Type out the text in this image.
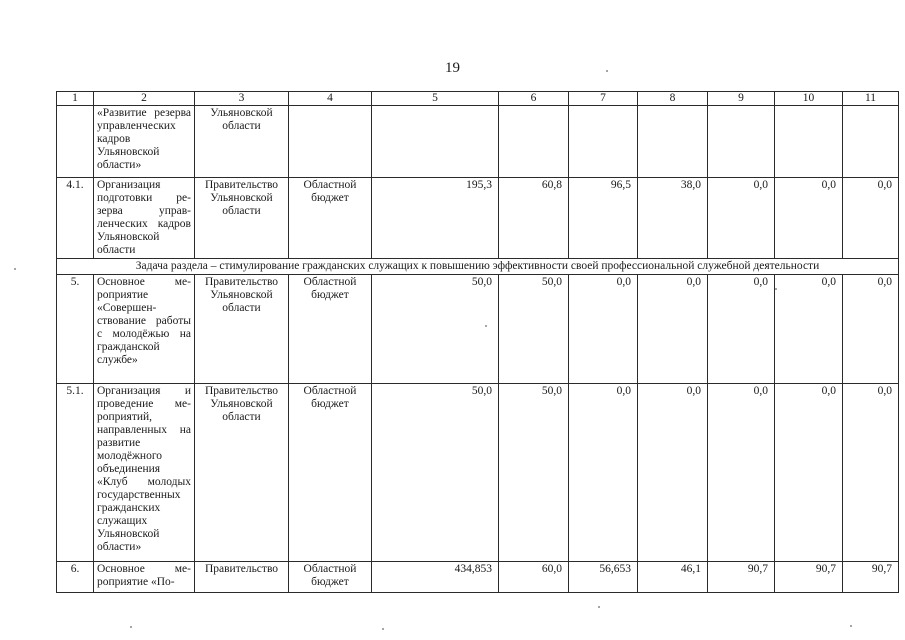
19
1	2	3	4	5	6	7	8	9	10	11
	«Развитие резерва управленческих кадров Ульяновской области»	Ульяновской области								
4.1.	Организация подготовки резерва управленческих кадров Ульяновской области	Правительство Ульяновской области	Областной бюджет	195,3	60,8	96,5	38,0	0,0	0,0	0,0
Задача раздела – стимулирование гражданских служащих к повышению эффективности своей профессиональной служебной деятельности										
5.	Основное мероприятие «Совершенствование работы с молодёжью на гражданской службе»	Правительство Ульяновской области	Областной бюджет	50,0	50,0	0,0	0,0	0,0	0,0	0,0
5.1.	Организация и проведение мероприятий, направленных на развитие молодёжного объединения «Клуб молодых государственных гражданских служащих Ульяновской области»	Правительство Ульяновской области	Областной бюджет	50,0	50,0	0,0	0,0	0,0	0,0	0,0
6.	Основное мероприятие «По-	Правительство	Областной бюджет	434,853	60,0	56,653	46,1	90,7	90,7	90,7
